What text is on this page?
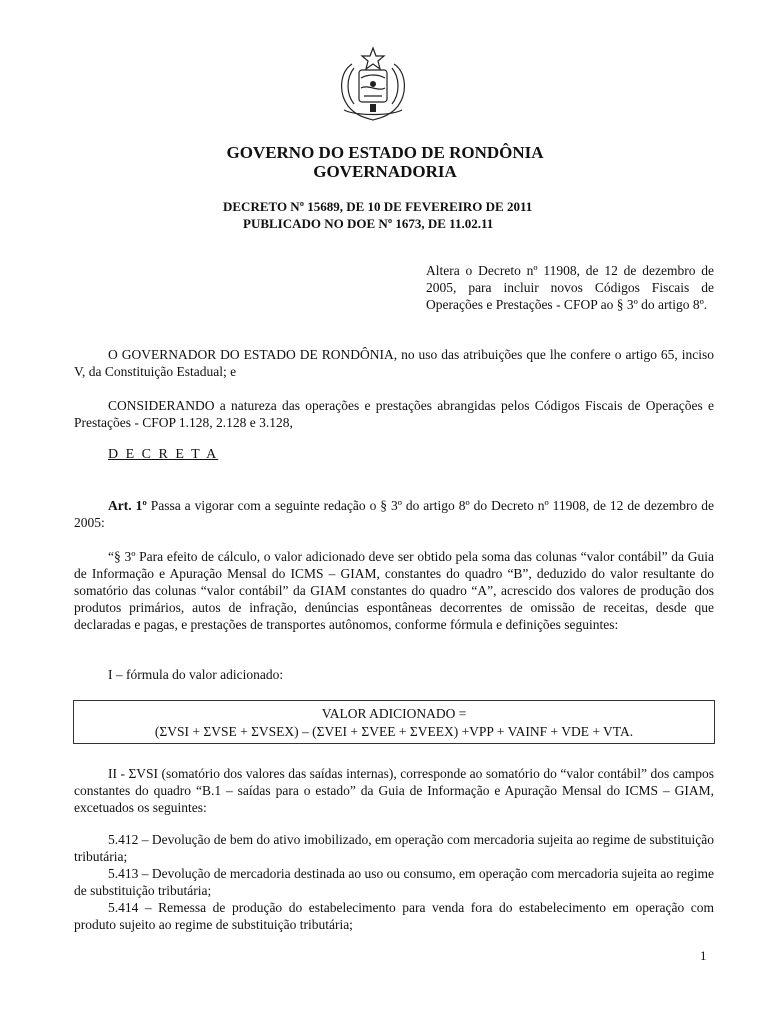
GOVERNO DO ESTADO DE RONDÔNIA
GOVERNADORIA
DECRETO Nº 15689, DE 10 DE FEVEREIRO DE 2011
PUBLICADO NO DOE Nº 1673, DE 11.02.11
Altera o Decreto nº 11908, de 12 de dezembro de 2005, para incluir novos Códigos Fiscais de Operações e Prestações - CFOP ao § 3º do artigo 8º.
O GOVERNADOR DO ESTADO DE RONDÔNIA, no uso das atribuições que lhe confere o artigo 65, inciso V, da Constituição Estadual; e
CONSIDERANDO a natureza das operações e prestações abrangidas pelos Códigos Fiscais de Operações e Prestações - CFOP 1.128, 2.128 e 3.128,
D E C R E T A
Art. 1º Passa a vigorar com a seguinte redação o § 3º do artigo 8º do Decreto nº 11908, de 12 de dezembro de 2005:
“§ 3º Para efeito de cálculo, o valor adicionado deve ser obtido pela soma das colunas “valor contábil” da Guia de Informação e Apuração Mensal do ICMS – GIAM, constantes do quadro “B”, deduzido do valor resultante do somatório das colunas “valor contábil” da GIAM constantes do quadro “A”, acrescido dos valores de produção dos produtos primários, autos de infração, denúncias espontâneas decorrentes de omissão de receitas, desde que declaradas e pagas, e prestações de transportes autônomos, conforme fórmula e definições seguintes:
I – fórmula do valor adicionado:
VALOR ADICIONADO =
(ΣVSI + ΣVSE + ΣVSEX) – (ΣVEI + ΣVEE + ΣVEEX) +VPP + VAINF + VDE + VTA.
II - ΣVSI (somatório dos valores das saídas internas), corresponde ao somatório do “valor contábil” dos campos constantes do quadro “B.1 – saídas para o estado” da Guia de Informação e Apuração Mensal do ICMS – GIAM, excetuados os seguintes:
5.412 – Devolução de bem do ativo imobilizado, em operação com mercadoria sujeita ao regime de substituição tributária;
5.413 – Devolução de mercadoria destinada ao uso ou consumo, em operação com mercadoria sujeita ao regime de substituição tributária;
5.414 – Remessa de produção do estabelecimento para venda fora do estabelecimento em operação com produto sujeito ao regime de substituição tributária;
1
